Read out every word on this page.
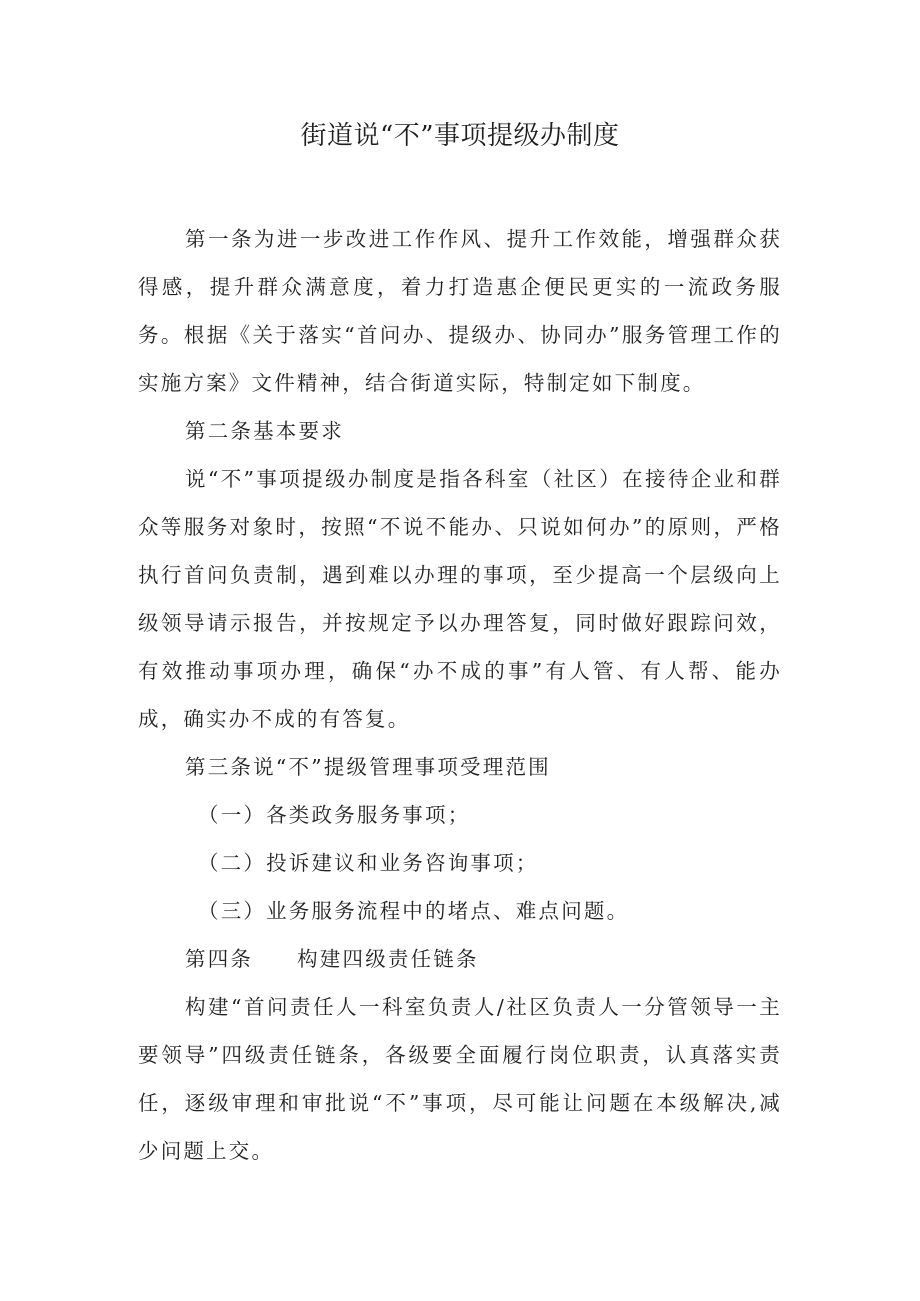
街道说“不”事项提级办制度

第一条为进一步改进工作作风、提升工作效能，增强群众获得感，提升群众满意度，着力打造惠企便民更实的一流政务服务。根据《关于落实“首问办、提级办、协同办”服务管理工作的实施方案》文件精神，结合街道实际，特制定如下制度。

第二条基本要求

说“不”事项提级办制度是指各科室（社区）在接待企业和群众等服务对象时，按照“不说不能办、只说如何办”的原则，严格执行首问负责制，遇到难以办理的事项，至少提高一个层级向上级领导请示报告，并按规定予以办理答复，同时做好跟踪问效，有效推动事项办理，确保“办不成的事”有人管、有人帮、能办成，确实办不成的有答复。

第三条说“不”提级管理事项受理范围

（一）各类政务服务事项；

（二）投诉建议和业务咨询事项；

（三）业务服务流程中的堵点、难点问题。

第四条 构建四级责任链条

构建“首问责任人一科室负责人/社区负责人一分管领导一主要领导”四级责任链条，各级要全面履行岗位职责，认真落实责任，逐级审理和审批说“不”事项，尽可能让问题在本级解决,减少问题上交。
